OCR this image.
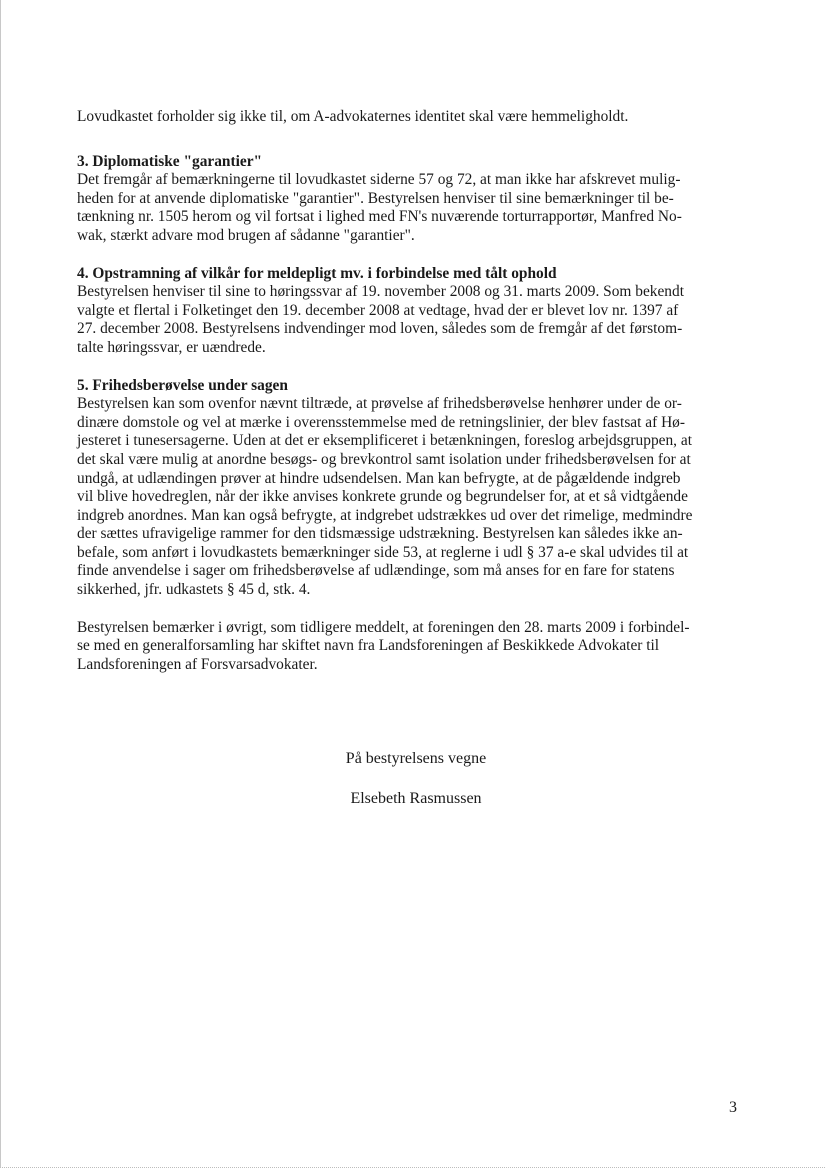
Lovudkastet forholder sig ikke til, om A-advokaternes identitet skal være hemmeligholdt.

3. Diplomatiske "garantier"

Det fremgår af bemærkningerne til lovudkastet siderne 57 og 72, at man ikke har afskrevet mulig-

heden for at anvende diplomatiske "garantier". Bestyrelsen henviser til sine bemærkninger til be-

tænkning nr. 1505 herom og vil fortsat i lighed med FN's nuværende torturrapportør, Manfred No-

wak, stærkt advare mod brugen af sådanne "garantier".

4. Opstramning af vilkår for meldepligt mv. i forbindelse med tålt ophold

Bestyrelsen henviser til sine to høringssvar af 19. november 2008 og 31. marts 2009. Som bekendt

valgte et flertal i Folketinget den 19. december 2008 at vedtage, hvad der er blevet lov nr. 1397 af

27. december 2008. Bestyrelsens indvendinger mod loven, således som de fremgår af det førstom-

talte høringssvar, er uændrede.

5. Frihedsberøvelse under sagen

Bestyrelsen kan som ovenfor nævnt tiltræde, at prøvelse af frihedsberøvelse henhører under de or-

dinære domstole og vel at mærke i overensstemmelse med de retningslinier, der blev fastsat af Hø-

jesteret i tunesersagerne. Uden at det er eksemplificeret i betænkningen, foreslog arbejdsgruppen, at

det skal være mulig at anordne besøgs- og brevkontrol samt isolation under frihedsberøvelsen for at

undgå, at udlændingen prøver at hindre udsendelsen. Man kan befrygte, at de pågældende indgreb

vil blive hovedreglen, når der ikke anvises konkrete grunde og begrundelser for, at et så vidtgående

indgreb anordnes. Man kan også befrygte, at indgrebet udstrækkes ud over det rimelige, medmindre

der sættes ufravigelige rammer for den tidsmæssige udstrækning. Bestyrelsen kan således ikke an-

befale, som anført i lovudkastets bemærkninger side 53, at reglerne i udl § 37 a-e skal udvides til at

finde anvendelse i sager om frihedsberøvelse af udlændinge, som må anses for en fare for statens

sikkerhed, jfr. udkastets § 45 d, stk. 4.

Bestyrelsen bemærker i øvrigt, som tidligere meddelt, at foreningen den 28. marts 2009 i forbindel-

se med en generalforsamling har skiftet navn fra Landsforeningen af Beskikkede Advokater til

Landsforeningen af Forsvarsadvokater.

På bestyrelsens vegne
Elsebeth Rasmussen
3
